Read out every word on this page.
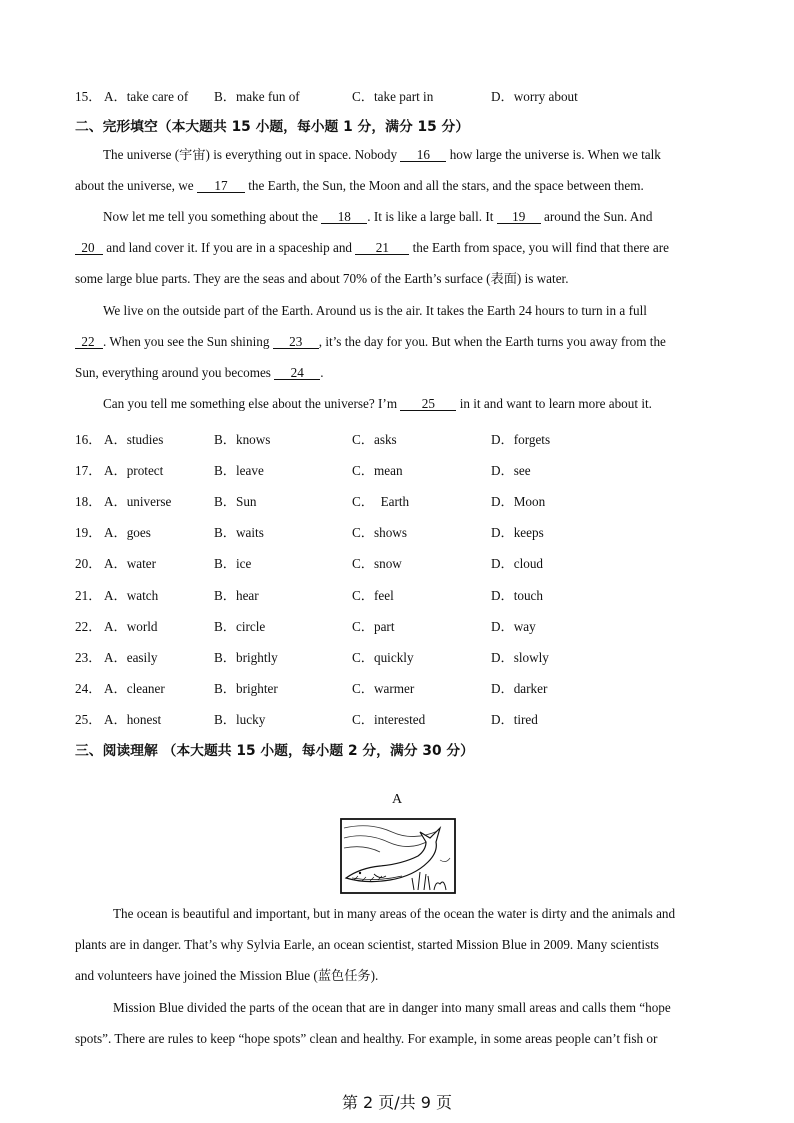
15． A．take care of B．make fun of	C．take part in	D．worry about
二、完形填空（本大题共 15 小题，每小题 1 分，满分 15 分）
The universe (宇宙) is everything out in space. Nobody 16 how large the universe is. When we talk
about the universe, we 17 the Earth, the Sun, the Moon and all the stars, and the space between them.
Now let me tell you something about the 18 . It is like a large ball. It 19 around the Sun. And
20 and land cover it. If you are in a spaceship and 21 the Earth from space, you will find that there are
some large blue parts. They are the seas and about 70% of the Earth’s surface (表面) is water.
We live on the outside part of the Earth. Around us is the air. It takes the Earth 24 hours to turn in a full
22 . When you see the Sun shining 23 , it’s the day for you. But when the Earth turns you away from the
Sun, everything around you becomes 24 .
Can you tell me something else about the universe? I’m 25 in it and want to learn more about it.
16． A．studies	B．knows	C．asks	D．forgets
17． A．protect	B．leave	C．mean	D．see
18． A．universe	B．Sun	C．  Earth	D．Moon
19． A．goes	B．waits	C．shows	D．keeps
20． A．water	B．ice	C．snow	D．cloud
21． A．watch	B．hear	C．feel	D．touch
22． A．world	B．circle	C．part	D．way
23． A．easily	B．brightly	C．quickly	D．slowly
24． A．cleaner	B．brighter	C．warmer	D．darker
25． A．honest	B．lucky	C．interested	D．tired
三、阅读理解 （本大题共 15 小题，每小题 2 分，满分 30 分）
A
The ocean is beautiful and important, but in many areas of the ocean the water is dirty and the animals and
plants are in danger. That’s why Sylvia Earle, an ocean scientist, started Mission Blue in 2009. Many scientists
and volunteers have joined the Mission Blue (蓝色任务).
Mission Blue divided the parts of the ocean that are in danger into many small areas and calls them “hope
spots”. There are rules to keep “hope spots” clean and healthy. For example, in some areas people can’t fish or
第 2 页/共 9 页
